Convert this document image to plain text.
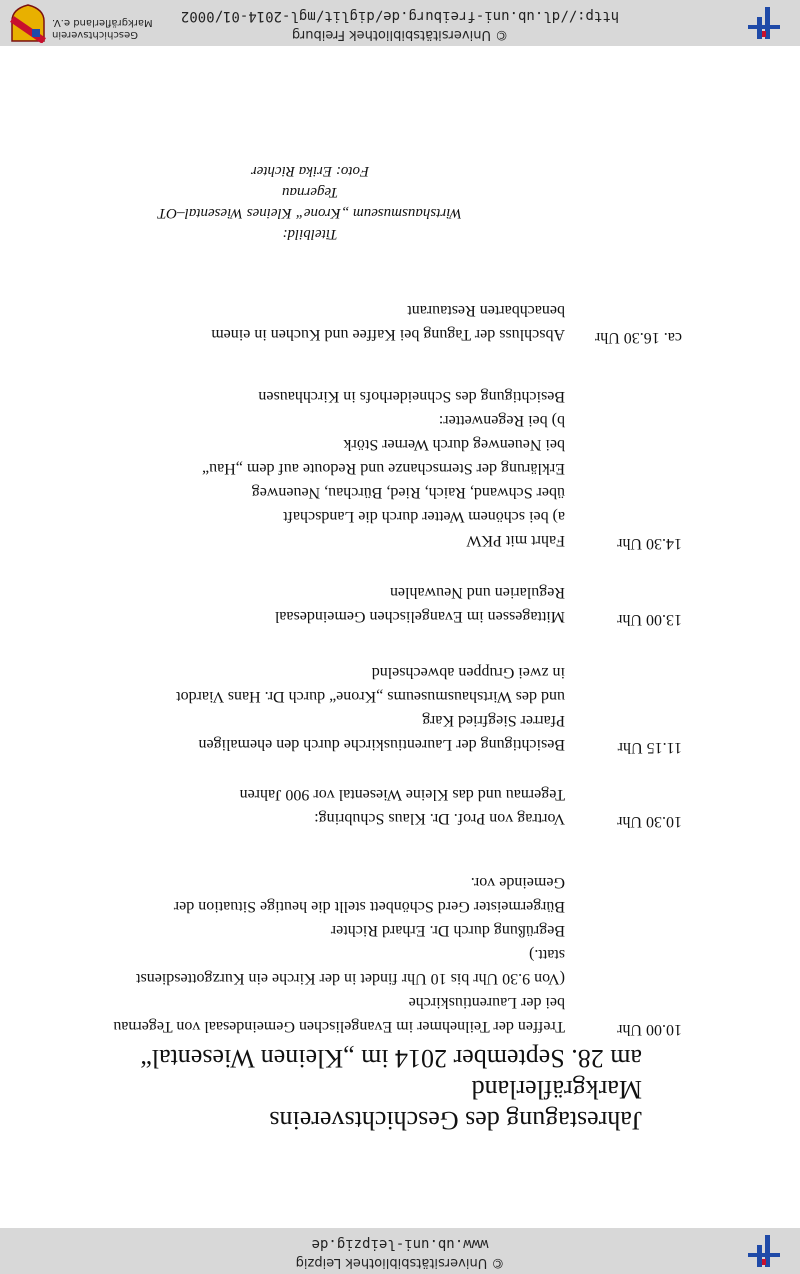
© Universitätsbibliothek Leipzig
www.ub.uni-leipzig.de
© Universitätsbibliothek Freiburg
http://dl.ub.uni-freiburg.de/diglit/mgl-2014-01/0002
Geschichtsverein
Markgräflerland e.V.
Jahrestagung des Geschichtsvereins Markgräflerland
am 28. September 2014 im „Kleinen Wiesental“
10.00 Uhr

Treffen der Teilnehmer im Evangelischen Gemeindesaal von Tegernau

bei der Laurentiuskirche

(Von 9.30 Uhr bis 10 Uhr findet in der Kirche ein Kurzgottesdienst

statt.)

Begrüßung durch Dr. Erhard Richter

Bürgermeister Gerd Schönbett stellt die heutige Situation der

Gemeinde vor.

10.30 Uhr

Vortrag von Prof. Dr. Klaus Schubring:

Tegernau und das Kleine Wiesental vor 900 Jahren

11.15 Uhr

Besichtigung der Laurentiuskirche durch den ehemaligen

Pfarrer Siegfried Karg

und des Wirtshausmuseums „Krone“ durch Dr. Hans Viardot

in zwei Gruppen abwechselnd

13.00 Uhr

Mittagessen im Evangelischen Gemeindesaal

Regularien und Neuwahlen

14.30 Uhr

Fahrt mit PKW

a) bei schönem Wetter durch die Landschaft

über Schwand, Raich, Ried, Bürchau, Neuenweg

Erklärung der Sternschanze und Redoute auf dem „Hau“

bei Neuenweg durch Werner Störk

b) bei Regenwetter:

Besichtigung des Schneiderhofs in Kirchhausen

ca. 16.30 Uhr

Abschluss der Tagung bei Kaffee und Kuchen in einem

benachbarten Restaurant

Titelbild:

Wirtshausmuseum „Krone“ Kleines Wiesental–OT Tegernau

Foto: Erika Richter
